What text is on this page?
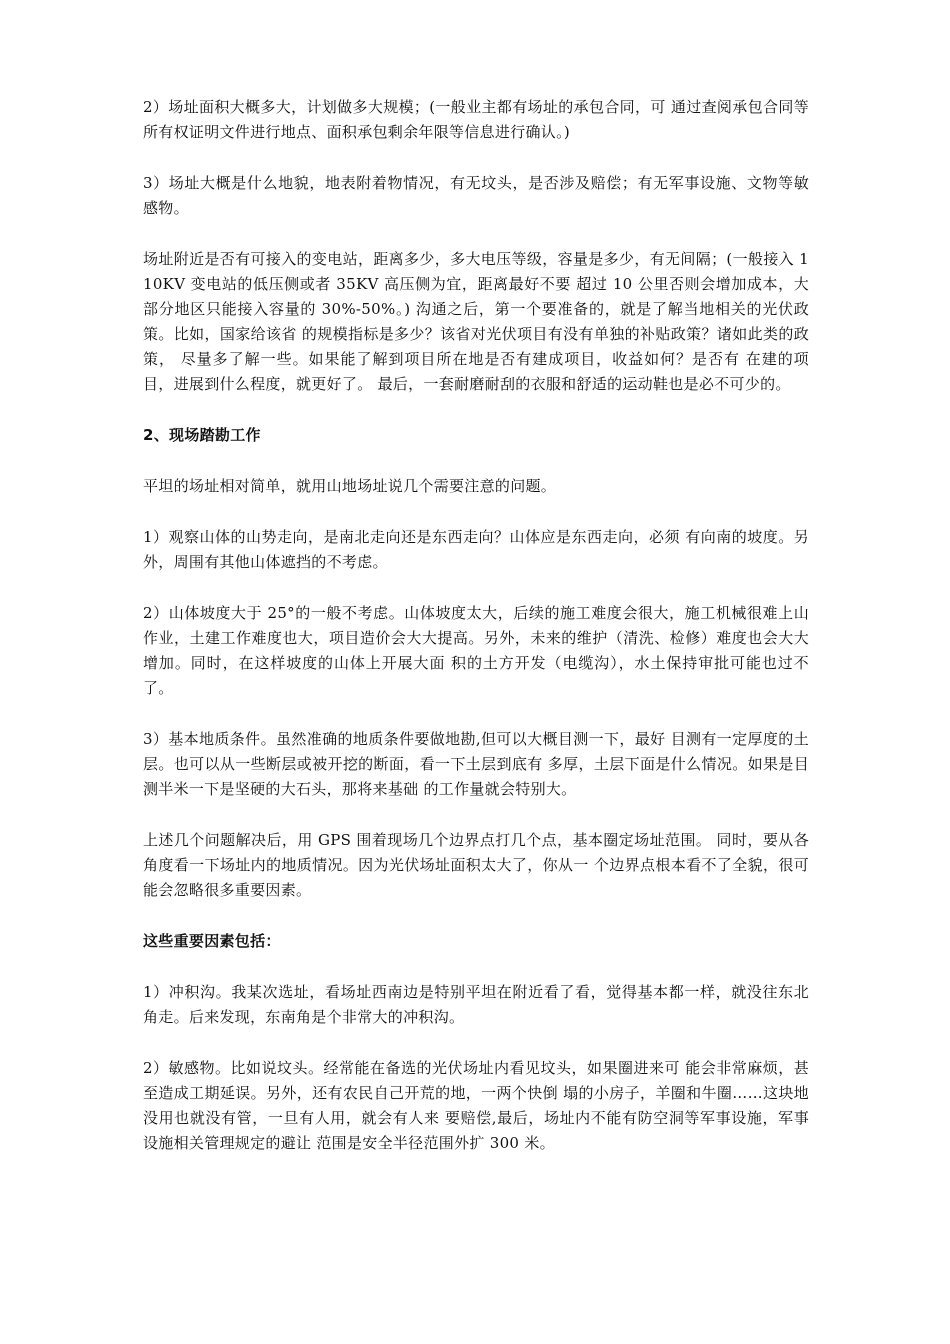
2）场址面积大概多大，计划做多大规模；(一般业主都有场址的承包合同，可 通过查阅承包合同等所有权证明文件进行地点、面积承包剩余年限等信息进行确认。)

3）场址大概是什么地貌，地表附着物情况，有无坟头，是否涉及赔偿；有无军事设施、文物等敏感物。

场址附近是否有可接入的变电站，距离多少，多大电压等级，容量是多少，有无间隔；(一般接入 110KV 变电站的低压侧或者 35KV 高压侧为宜，距离最好不要 超过 10 公里否则会增加成本，大部分地区只能接入容量的 30%-50%。) 沟通之后，第一个要准备的，就是了解当地相关的光伏政策。比如，国家给该省 的规模指标是多少？该省对光伏项目有没有单独的补贴政策？诸如此类的政策， 尽量多了解一些。如果能了解到项目所在地是否有建成项目，收益如何？是否有 在建的项目，进展到什么程度，就更好了。 最后，一套耐磨耐刮的衣服和舒适的运动鞋也是必不可少的。

2、现场踏勘工作

平坦的场址相对简单，就用山地场址说几个需要注意的问题。

1）观察山体的山势走向，是南北走向还是东西走向？山体应是东西走向，必须 有向南的坡度。另外，周围有其他山体遮挡的不考虑。

2）山体坡度大于 25°的一般不考虑。山体坡度太大，后续的施工难度会很大，施工机械很难上山作业，土建工作难度也大，项目造价会大大提高。另外，未来的维护（清洗、检修）难度也会大大增加。同时，在这样坡度的山体上开展大面 积的土方开发（电缆沟），水土保持审批可能也过不了。

3）基本地质条件。虽然准确的地质条件要做地勘,但可以大概目测一下，最好 目测有一定厚度的土层。也可以从一些断层或被开挖的断面，看一下土层到底有 多厚，土层下面是什么情况。如果是目测半米一下是坚硬的大石头，那将来基础 的工作量就会特别大。

上述几个问题解决后，用 GPS 围着现场几个边界点打几个点，基本圈定场址范围。 同时，要从各角度看一下场址内的地质情况。因为光伏场址面积太大了，你从一 个边界点根本看不了全貌，很可能会忽略很多重要因素。

这些重要因素包括：

1）冲积沟。我某次选址，看场址西南边是特别平坦在附近看了看，觉得基本都一样，就没往东北角走。后来发现，东南角是个非常大的冲积沟。

2）敏感物。比如说坟头。经常能在备选的光伏场址内看见坟头，如果圈进来可 能会非常麻烦，甚至造成工期延误。另外，还有农民自己开荒的地，一两个快倒 塌的小房子，羊圈和牛圈……这块地没用也就没有管，一旦有人用，就会有人来 要赔偿,最后，场址内不能有防空洞等军事设施，军事设施相关管理规定的避让 范围是安全半径范围外扩 300 米。
